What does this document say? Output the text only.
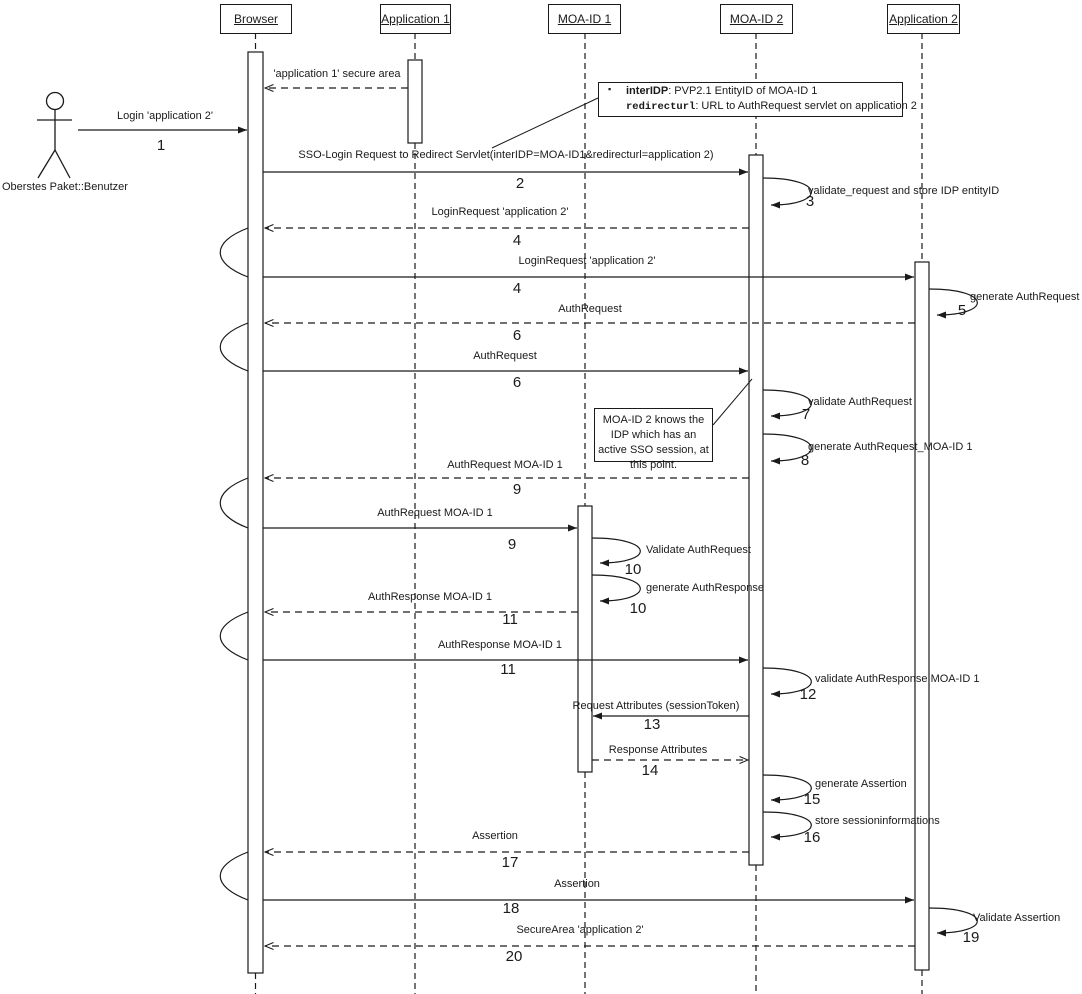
Browser	Application 1	MOA-ID 1	MOA-ID 2	Application 2
Oberstes Paket::Benutzer
▪ interIDP: PVP2.1 EntityID of MOA-ID 1
redirecturl: URL to AuthRequest servlet on application 2
MOA-ID 2 knows the IDP which has an active SSO session, at this point.
'application 1' secure area
Login 'application 2'
SSO-Login Request to Redirect Servlet(interIDP=MOA-ID1&redirecturl=application 2)
validate_request and store IDP entityID
LoginRequest 'application 2'
LoginRequest 'application 2'
generate AuthRequest
AuthRequest
AuthRequest
validate AuthRequest
generate AuthRequest_MOA-ID 1
AuthRequest MOA-ID 1
AuthRequest MOA-ID 1
Validate AuthRequest
generate AuthResponse
AuthResponse MOA-ID 1
AuthResponse MOA-ID 1
validate AuthResponse MOA-ID 1
Request Attributes (sessionToken)
Response Attributes
generate Assertion
store sessioninformations
Assertion
Assertion
Validate Assertion
SecureArea 'application 2'
1
2
3
4
4
5
6
6
7
8
9
9
10
10
11
11
12
13
14
15
16
17
18
19
20
